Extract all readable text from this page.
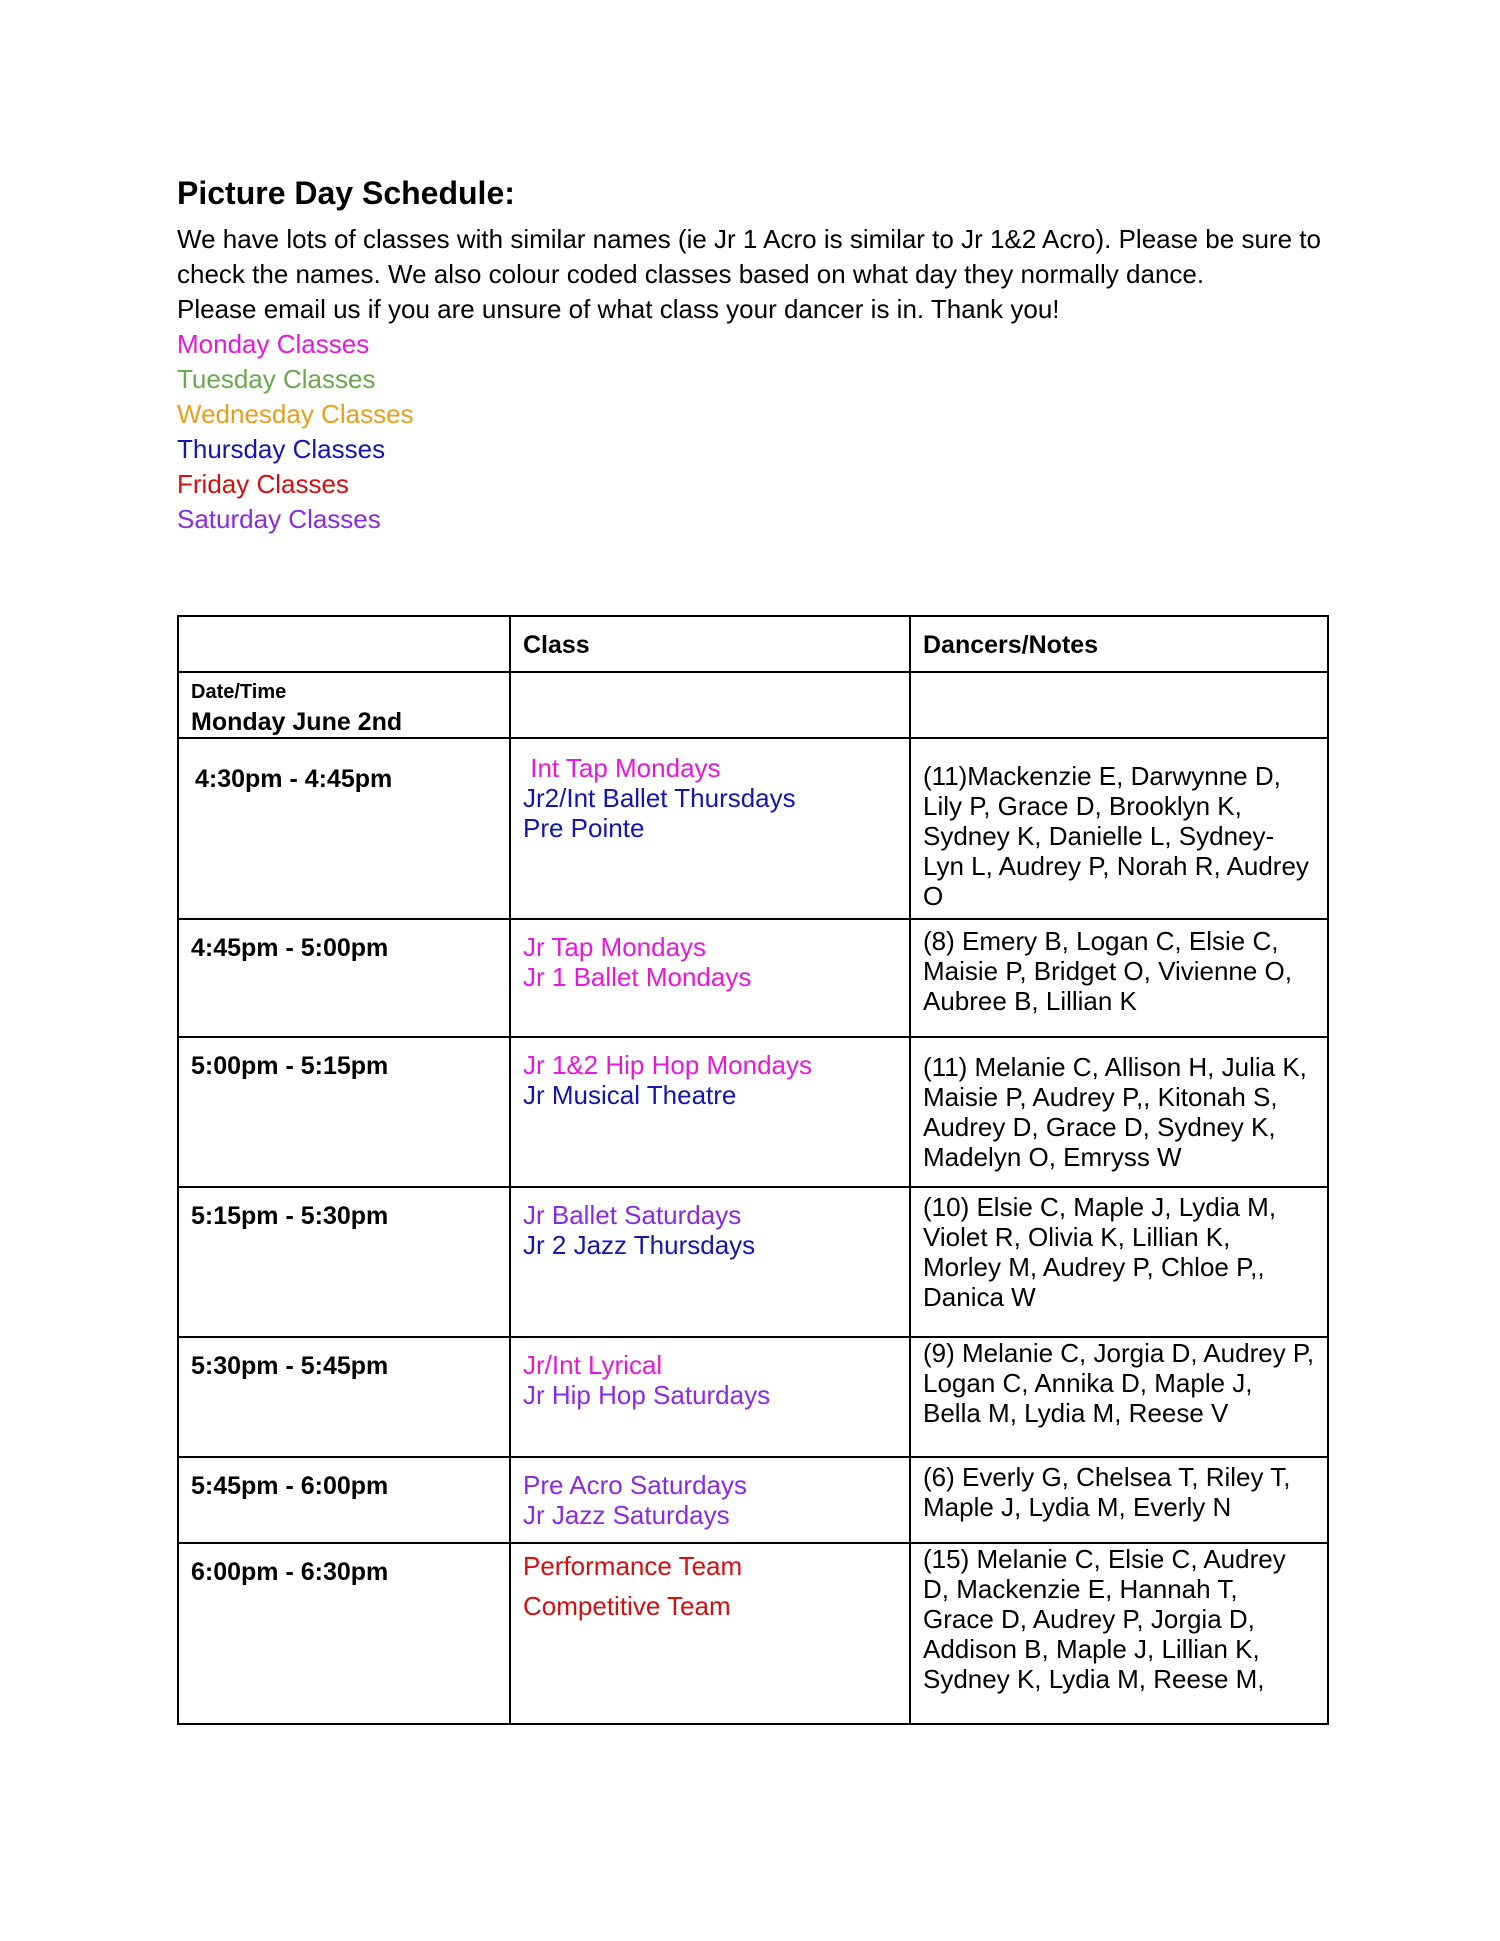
Picture Day Schedule:

We have lots of classes with similar names (ie Jr 1 Acro is similar to Jr 1&2 Acro). Please be sure to check the names. We also colour coded classes based on what day they normally dance.

Please email us if you are unsure of what class your dancer is in. Thank you!

Monday Classes
Tuesday Classes
Wednesday Classes
Thursday Classes
Friday Classes
Saturday Classes

	Class	Dancers/Notes

Date/Time
Monday June 2nd		

4:30pm - 4:45pm	Int Tap Mondays
Jr2/Int Ballet Thursdays
Pre Pointe	(11)Mackenzie E, Darwynne D, Lily P, Grace D, Brooklyn K, Sydney K, Danielle L, Sydney-Lyn L, Audrey P, Norah R, Audrey O

4:45pm - 5:00pm	Jr Tap Mondays
Jr 1 Ballet Mondays	(8) Emery B, Logan C, Elsie C, Maisie P, Bridget O, Vivienne O, Aubree B, Lillian K

5:00pm - 5:15pm	Jr 1&2 Hip Hop Mondays
Jr Musical Theatre	(11) Melanie C, Allison H, Julia K, Maisie P, Audrey P,, Kitonah S, Audrey D, Grace D, Sydney K, Madelyn O, Emryss W

5:15pm - 5:30pm	Jr Ballet Saturdays
Jr 2 Jazz Thursdays	(10) Elsie C, Maple J, Lydia M, Violet R, Olivia K, Lillian K, Morley M, Audrey P, Chloe P,, Danica W

5:30pm - 5:45pm	Jr/Int Lyrical
Jr Hip Hop Saturdays	(9) Melanie C, Jorgia D, Audrey P, Logan C, Annika D, Maple J, Bella M, Lydia M, Reese V

5:45pm - 6:00pm	Pre Acro Saturdays
Jr Jazz Saturdays	(6) Everly G, Chelsea T, Riley T, Maple J, Lydia M, Everly N

6:00pm - 6:30pm	Performance Team
Competitive Team	(15) Melanie C, Elsie C, Audrey D, Mackenzie E, Hannah T, Grace D, Audrey P, Jorgia D, Addison B, Maple J, Lillian K, Sydney K, Lydia M, Reese M,
